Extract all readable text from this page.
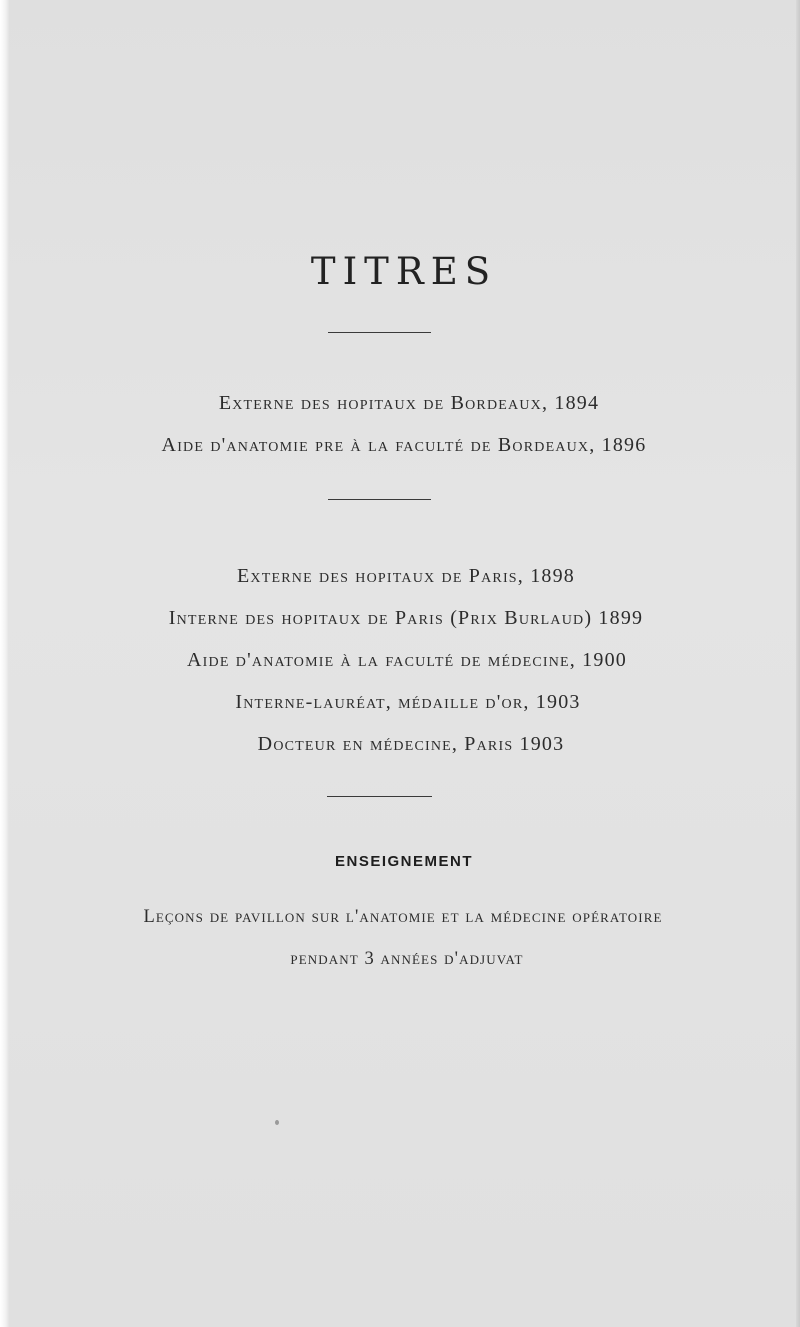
TITRES
Externe des hopitaux de Bordeaux, 1894
Aide d'anatomie pre à la faculté de Bordeaux, 1896
Externe des hopitaux de Paris, 1898
Interne des hopitaux de Paris (Prix Burlaud) 1899
Aide d'anatomie à la faculté de médecine, 1900
Interne-lauréat, médaille d'or, 1903
Docteur en médecine, Paris 1903
ENSEIGNEMENT
Leçons de pavillon sur l'anatomie et la médecine opératoire
pendant 3 années d'adjuvat
